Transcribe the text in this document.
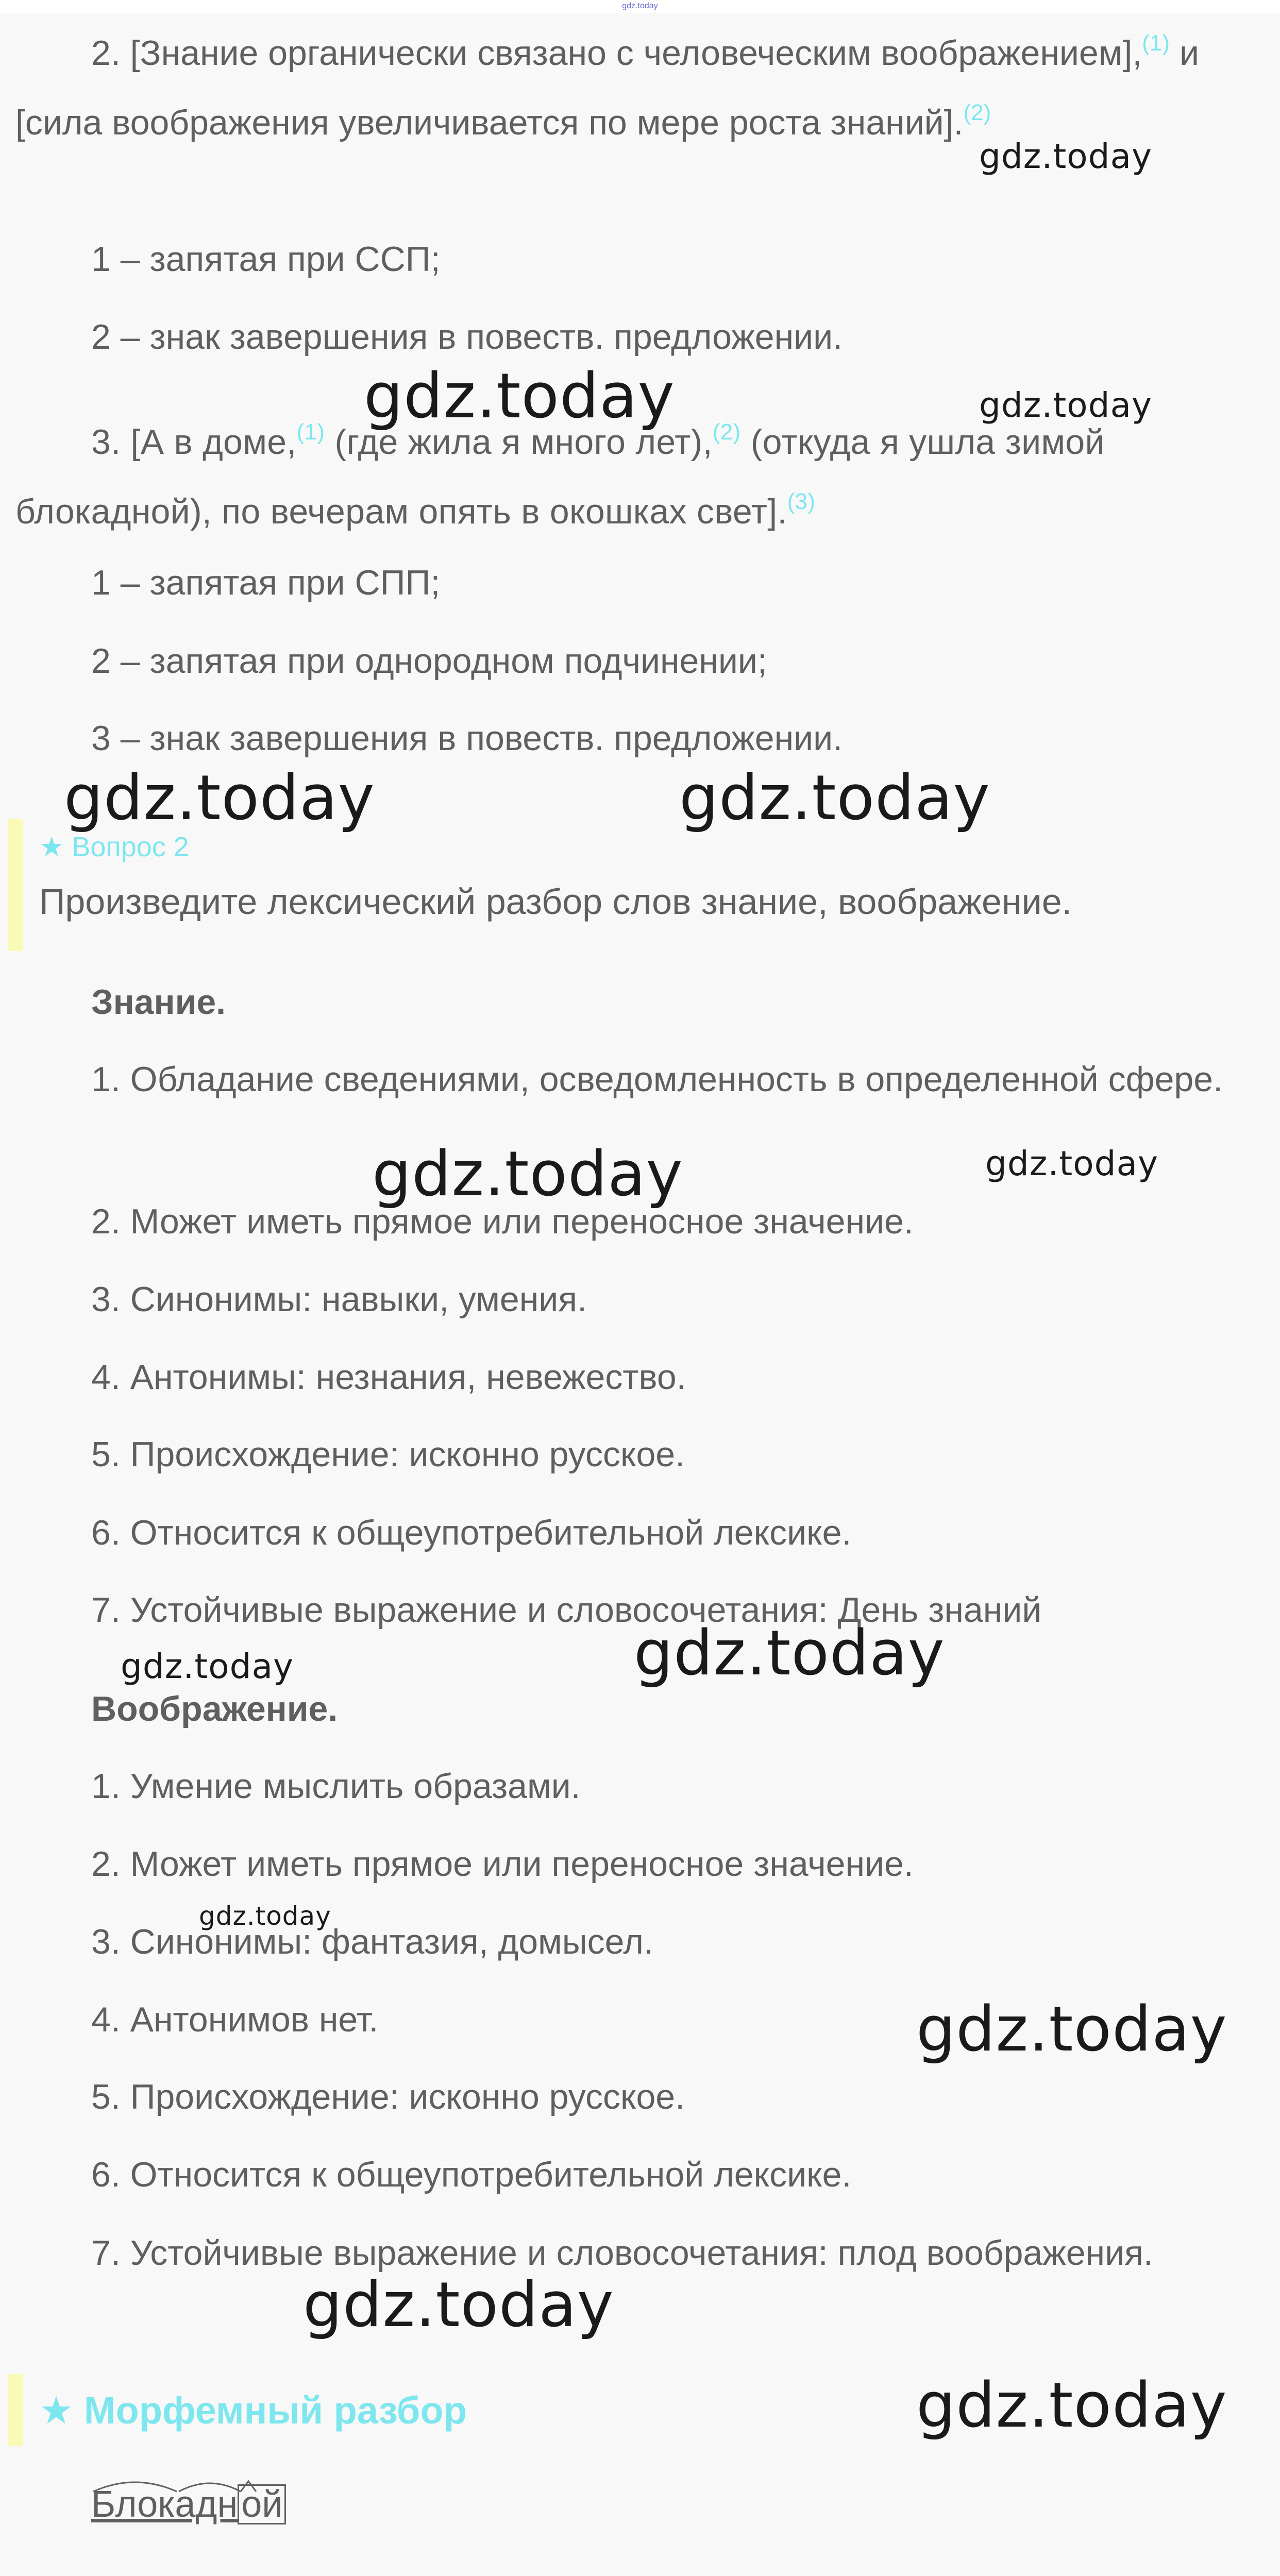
gdz.today

2. [Знание органически связано с человеческим воображением],$^{(1)}$ и [сила воображения увеличивается по мере роста знаний].$^{(2)}$

1 – запятая при ССП;

2 – знак завершения в повеств. предложении.

3. [А в доме,$^{(1)}$ (где жила я много лет),$^{(2)}$ (откуда я ушла зимой блокадной), по вечерам опять в окошках свет].$^{(3)}$

1 – запятая при СПП;

2 – запятая при однородном подчинении;

3 – знак завершения в повеств. предложении.

★ Вопрос 2
Произведите лексический разбор слов знание, воображение.

Знание.

1. Обладание сведениями, осведомленность в определенной сфере.

2. Может иметь прямое или переносное значение.

3. Синонимы: навыки, умения.

4. Антонимы: незнания, невежество.

5. Происхождение: исконно русское.

6. Относится к общеупотребительной лексике.

7. Устойчивые выражение и словосочетания: День знаний

Воображение.

1. Умение мыслить образами.

2. Может иметь прямое или переносное значение.

3. Синонимы: фантазия, домысел.

4. Антонимов нет.

5. Происхождение: исконно русское.

6. Относится к общеупотребительной лексике.

7. Устойчивые выражение и словосочетания: плод воображения.

★ Морфемный разбор
Блокадной
gdz.today
gdz.today	gdz.today
gdz.today	gdz.today
gdz.today	gdz.today
gdz.today
gdz.today
gdz.today
gdz.today
gdz.today
gdz.today
